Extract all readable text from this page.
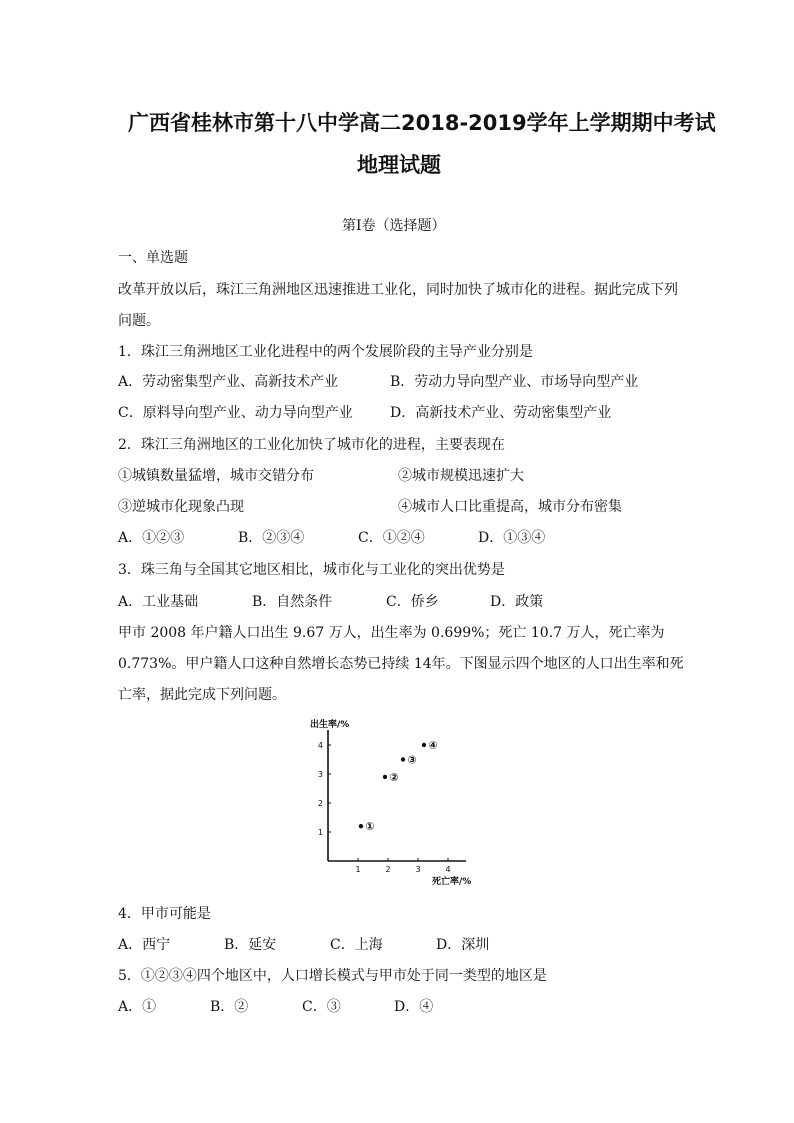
广西省桂林市第十八中学高二2018-2019学年上学期期中考试
地理试题
第I卷（选择题）
一、单选题
改革开放以后，珠江三角洲地区迅速推进工业化，同时加快了城市化的进程。据此完成下列
问题。
1．珠江三角洲地区工业化进程中的两个发展阶段的主导产业分别是
A．劳动密集型产业、高新技术产业	B．劳动力导向型产业、市场导向型产业
C．原料导向型产业、动力导向型产业	D．高新技术产业、劳动密集型产业
2．珠江三角洲地区的工业化加快了城市化的进程，主要表现在
①城镇数量猛增，城市交错分布	②城市规模迅速扩大
③逆城市化现象凸现	④城市人口比重提高，城市分布密集
A．①②③	B．②③④	C．①②④	D．①③④
3．珠三角与全国其它地区相比，城市化与工业化的突出优势是
A．工业基础	B．自然条件	C．侨乡	D．政策
甲市 2008 年户籍人口出生 9.67 万人，出生率为 0.699%；死亡 10.7 万人，死亡率为
0.773%。甲户籍人口这种自然增长态势已持续 14年。下图显示四个地区的人口出生率和死
亡率，据此完成下列问题。
出生率/%
死亡率/%
1	2	3	4
1
2
3
4
①
②
③
④
4．甲市可能是
A．西宁	B．延安	C．上海	D．深圳
5．①②③④四个地区中，人口增长模式与甲市处于同一类型的地区是
A．①	B．②	C．③	D．④
